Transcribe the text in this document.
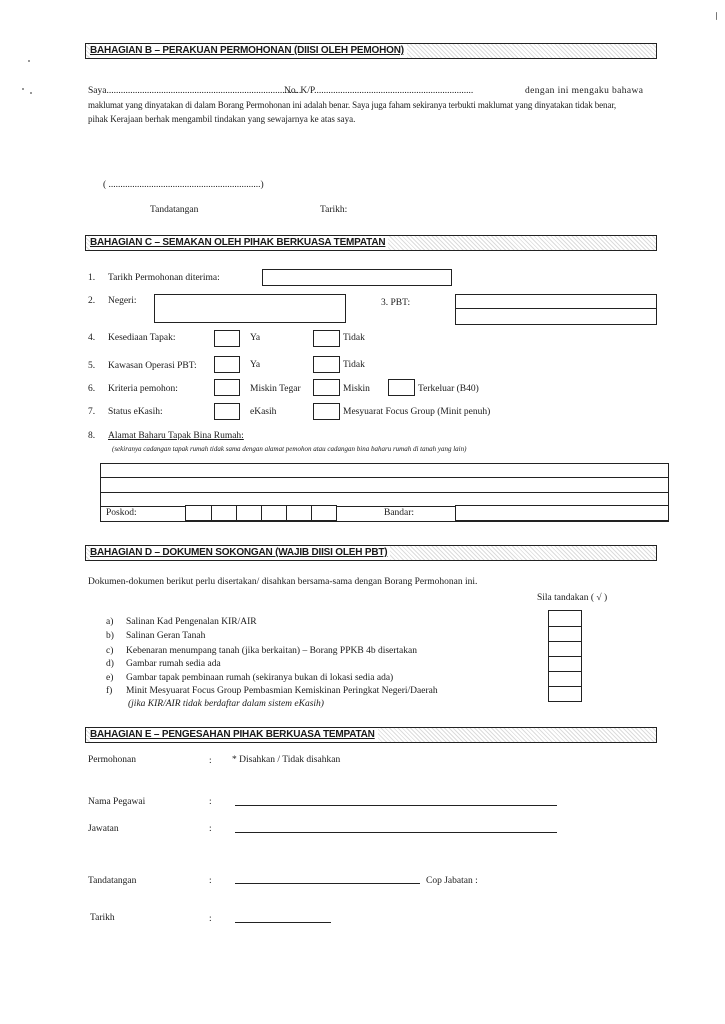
BAHAGIAN B – PERAKUAN PERMOHONAN (DIISI OLEH PEMOHON)
Saya..................................................................................
No. K/P...................................................................	dengan ini mengaku bahawa
maklumat yang dinyatakan di dalam Borang Permohonan ini adalah benar. Saya juga faham sekiranya terbukti maklumat yang dinyatakan tidak benar,
pihak Kerajaan berhak mengambil tindakan yang sewajarnya ke atas saya.
( ................................................................)
Tandatangan	Tarikh:
BAHAGIAN C – SEMAKAN OLEH PIHAK BERKUASA TEMPATAN
1. Tarikh Permohonan diterima:
2. Negeri:	3. PBT:
4. Kesediaan Tapak:	Ya	Tidak
5. Kawasan Operasi PBT:	Ya	Tidak
6. Kriteria pemohon:	Miskin Tegar	Miskin	Terkeluar (B40)
7. Status eKasih:	eKasih	Mesyuarat Focus Group (Minit penuh)
8. Alamat Baharu Tapak Bina Rumah:
(sekiranya cadangan tapak rumah tidak sama dengan alamat pemohon atau cadangan bina baharu rumah di tanah yang lain)
Poskod:	Bandar:
BAHAGIAN D – DOKUMEN SOKONGAN (WAJIB DIISI OLEH PBT)
Dokumen-dokumen berikut perlu disertakan/ disahkan bersama-sama dengan Borang Permohonan ini.
Sila tandakan ( √ )
a) Salinan Kad Pengenalan KIR/AIR
b) Salinan Geran Tanah
c) Kebenaran menumpang tanah (jika berkaitan) – Borang PPKB 4b disertakan
d) Gambar rumah sedia ada
e) Gambar tapak pembinaan rumah (sekiranya bukan di lokasi sedia ada)
f) Minit Mesyuarat Focus Group Pembasmian Kemiskinan Peringkat Negeri/Daerah
(jika KIR/AIR tidak berdaftar dalam sistem eKasih)
BAHAGIAN E – PENGESAHAN PIHAK BERKUASA TEMPATAN
Permohonan	: * Disahkan / Tidak disahkan
Nama Pegawai	:
Jawatan	:
Tandatangan	:	Cop Jabatan :
Tarikh	:
